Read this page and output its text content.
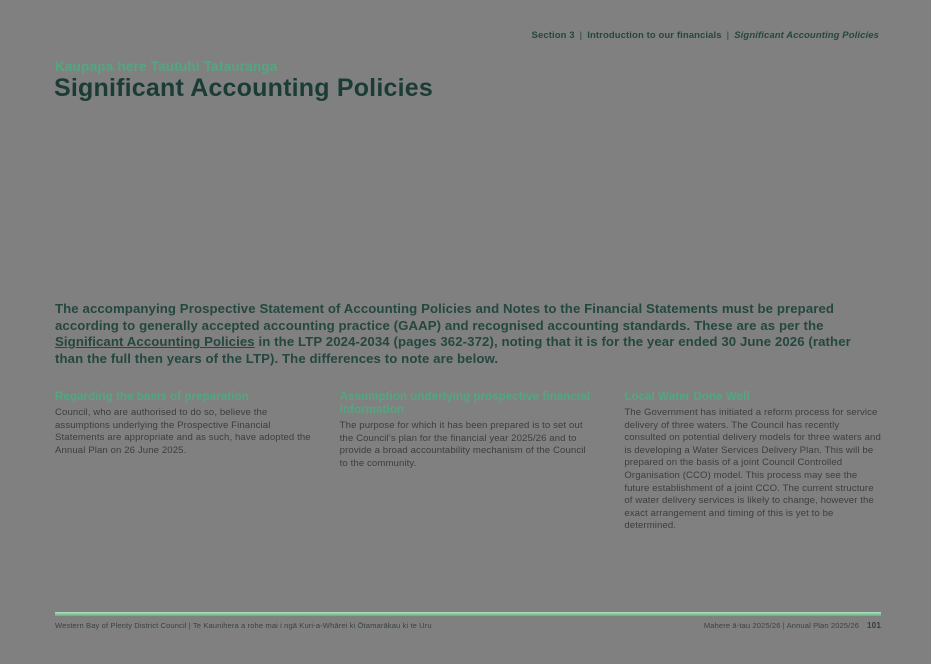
Section 3 | Introduction to our financials | Significant Accounting Policies
Kaupapa here Tautuhi Tatauranga
Significant Accounting Policies

The accompanying Prospective Statement of Accounting Policies and Notes to the Financial Statements must be prepared according to generally accepted accounting practice (GAAP) and recognised accounting standards. These are as per the Significant Accounting Policies in the LTP 2024-2034 (pages 362-372), noting that it is for the year ended 30 June 2026 (rather than the full then years of the LTP). The differences to note are below.

Regarding the basis of preparation
Council, who are authorised to do so, believe the assumptions underlying the Prospective Financial Statements are appropriate and as such, have adopted the Annual Plan on 26 June 2025.
Assumption underlying prospective financial information
The purpose for which it has been prepared is to set out the Council’s plan for the financial year 2025/26 and to provide a broad accountability mechanism of the Council to the community.
Local Water Done Well
The Government has initiated a reform process for service delivery of three waters. The Council has recently consulted on potential delivery models for three waters and is developing a Water Services Delivery Plan. This will be prepared on the basis of a joint Council Controlled Organisation (CCO) model. This process may see the future establishment of a joint CCO. The current structure of water delivery services is likely to change, however the exact arrangement and timing of this is yet to be determined.
Western Bay of Plenty District Council | Te Kaunihera a rohe mai i ngā Kuri-a-Whārei ki Ōtamarākau ki te Uru	Mahere ā-tau 2025/26 | Annual Plan 2025/26 101
